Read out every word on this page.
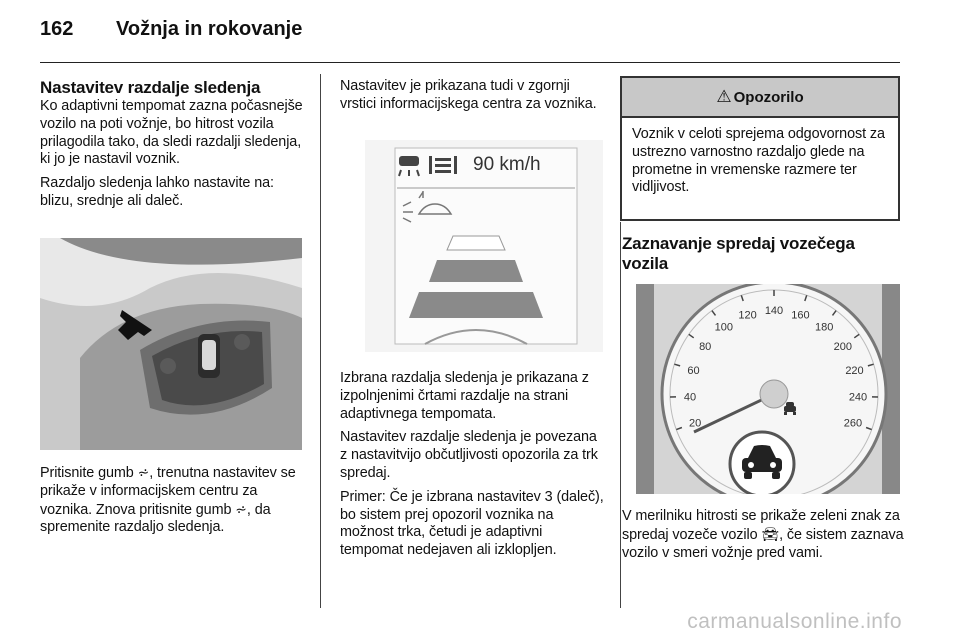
162 Vožnja in rokovanje
Nastavitev razdalje sledenja

Ko adaptivni tempomat zazna počasnejše vozilo na poti vožnje, bo hitrost vozila prilagodila tako, da sledi razdalji sledenja, ki jo je nastavil voznik.

Razdaljo sledenja lahko nastavite na: blizu, srednje ali daleč.

Pritisnite gumb ⩫, trenutna nastavitev se prikaže v informacijskem centru za voznika. Znova pritisnite gumb ⩫, da spremenite razdaljo sledenja.

Nastavitev je prikazana tudi v zgornji vrstici informacijskega centra za voznika.

90 km/h

Izbrana razdalja sledenja je prikazana z izpolnjenimi črtami razdalje na strani adaptivnega tempomata.

Nastavitev razdalje sledenja je povezana z nastavitvijo občutljivosti opozorila za trk spredaj.

Primer: Če je izbrana nastavitev 3 (daleč), bo sistem prej opozoril voznika na možnost trka, četudi je adaptivni tempomat nedejaven ali izklopljen.

⚠ Opozorilo

Voznik v celoti sprejema odgovornost za ustrezno varnostno razdaljo glede na prometne in vremenske razmere ter vidljivost.

Zaznavanje spredaj vozečega vozila
20
40
60
80
100
120 140 160
180
200
220
240
260

V merilniku hitrosti se prikaže zeleni znak za spredaj vozeče vozilo 🚘︎, če sistem zaznava vozilo v smeri vožnje pred vami.

carmanualsonline.info
